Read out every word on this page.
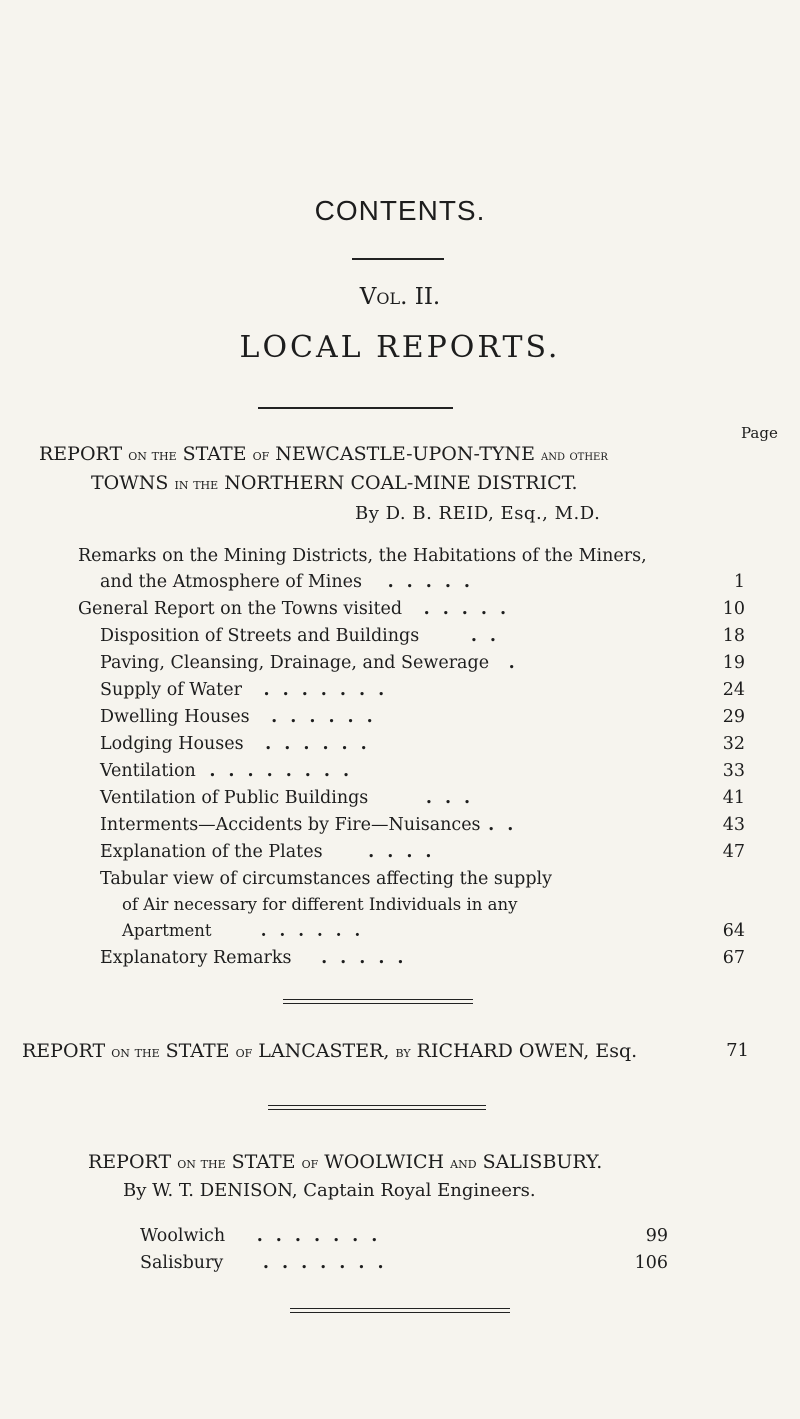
CONTENTS.
Vol. II.
LOCAL REPORTS.
Page
REPORT on the STATE of NEWCASTLE-UPON-TYNE and other
TOWNS in the NORTHERN COAL-MINE DISTRICT.
By D. B. REID, Esq., M.D.
Remarks on the Mining Districts, the Habitations of the Miners,
and the Atmosphere of Mines .....	1
General Report on the Towns visited .....	10
Disposition of Streets and Buildings	..	18
Paving, Cleansing, Drainage, and Sewerage .	19
Supply of Water .......	24
Dwelling Houses ......	29
Lodging Houses ......	32
Ventilation ........	33
Ventilation of Public Buildings	...	41
Interments—Accidents by Fire—Nuisances ..	43
Explanation of the Plates	....	47
Tabular view of circumstances affecting the supply
of Air necessary for different Individuals in any
Apartment	......	64
Explanatory Remarks .....	67
REPORT on the STATE of LANCASTER, by RICHARD OWEN, Esq.	71
REPORT on the STATE of WOOLWICH and SALISBURY.
By W. T. DENISON, Captain Royal Engineers.
Woolwich .......	99
Salisbury .......	106
